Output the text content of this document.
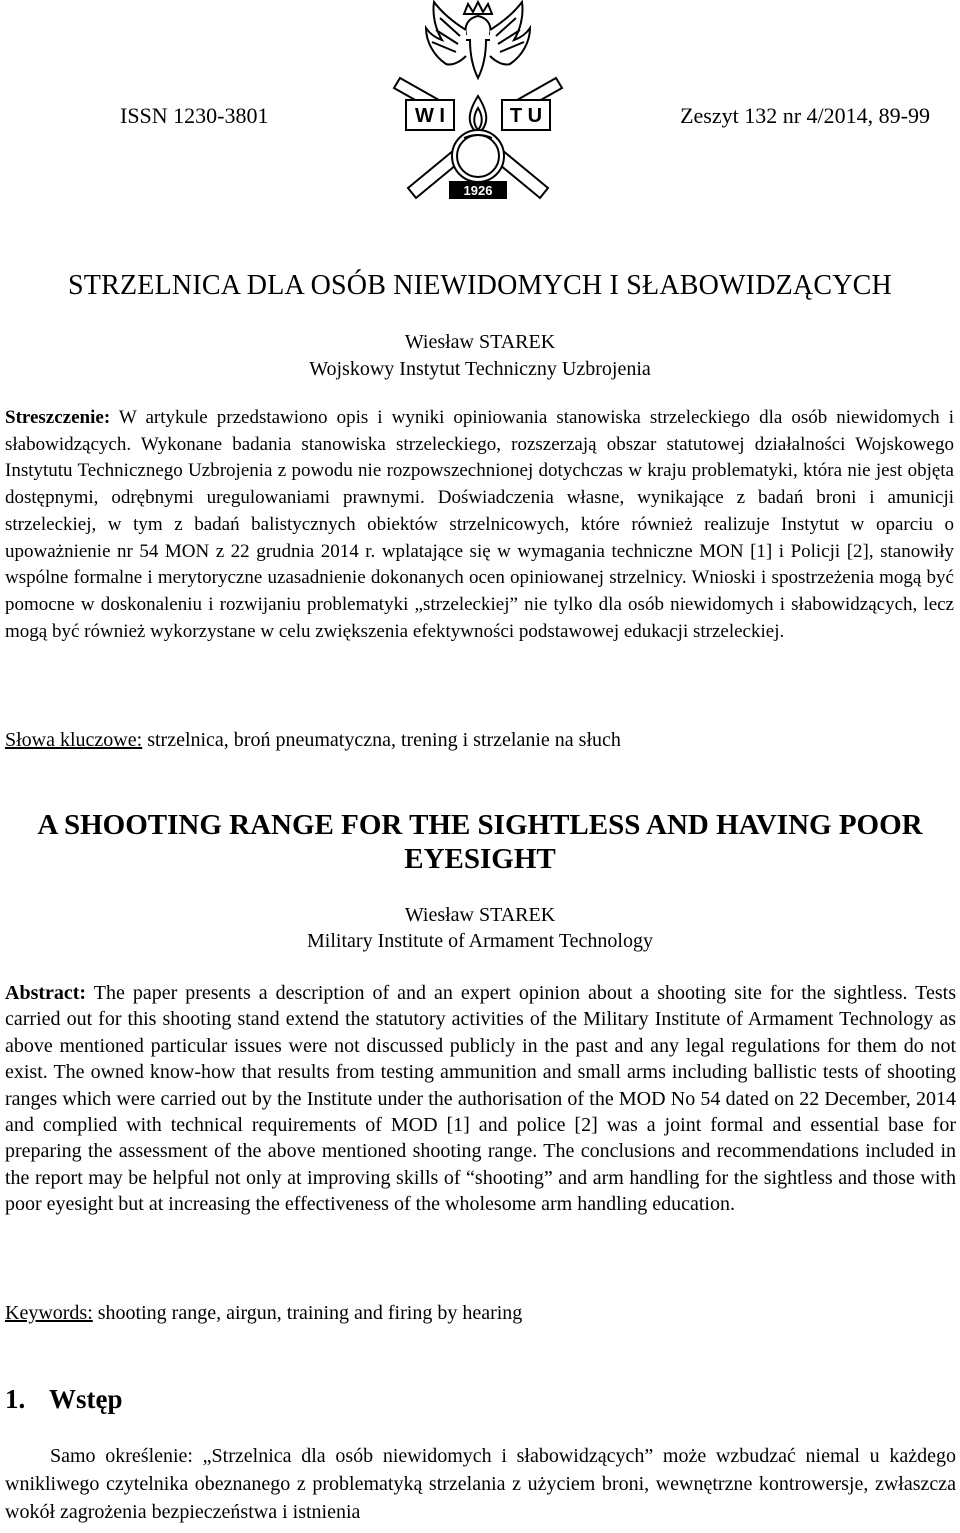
W I	T U
1926
ISSN 1230-3801	Zeszyt 132 nr 4/2014, 89-99
STRZELNICA DLA OSÓB NIEWIDOMYCH I SŁABOWIDZĄCYCH
Wiesław STAREK
Wojskowy Instytut Techniczny Uzbrojenia

Streszczenie: W artykule przedstawiono opis i wyniki opiniowania stanowiska strzeleckiego dla osób niewidomych i słabowidzących. Wykonane badania stanowiska strzeleckiego, rozszerzają obszar statutowej działalności Wojskowego Instytutu Technicznego Uzbrojenia z powodu nie rozpowszechnionej dotychczas w kraju problematyki, która nie jest objęta dostępnymi, odrębnymi uregulowaniami prawnymi. Doświadczenia własne, wynikające z badań broni i amunicji strzeleckiej, w tym z badań balistycznych obiektów strzelnicowych, które również realizuje Instytut w oparciu o upoważnienie nr 54 MON z 22 grudnia 2014 r. wplatające się w wymagania techniczne MON [1] i Policji [2], stanowiły wspólne formalne i merytoryczne uzasadnienie dokonanych ocen opiniowanej strzelnicy. Wnioski i spostrzeżenia mogą być pomocne w doskonaleniu i rozwijaniu problematyki „strzeleckiej” nie tylko dla osób niewidomych i słabowidzących, lecz mogą być również wykorzystane w celu zwiększenia efektywności podstawowej edukacji strzeleckiej.

Słowa kluczowe: strzelnica, broń pneumatyczna, trening i strzelanie na słuch

A SHOOTING RANGE FOR THE SIGHTLESS AND HAVING POOR EYESIGHT
Wiesław STAREK
Military Institute of Armament Technology

Abstract: The paper presents a description of and an expert opinion about a shooting site for the sightless. Tests carried out for this shooting stand extend the statutory activities of the Military Institute of Armament Technology as above mentioned particular issues were not discussed publicly in the past and any legal regulations for them do not exist. The owned know-how that results from testing ammunition and small arms including ballistic tests of shooting ranges which were carried out by the Institute under the authorisation of the MOD No 54 dated on 22 December, 2014 and complied with technical requirements of MOD [1] and police [2] was a joint formal and essential base for preparing the assessment of the above mentioned shooting range. The conclusions and recommendations included in the report may be helpful not only at improving skills of “shooting” and arm handling for the sightless and those with poor eyesight but at increasing the effectiveness of the wholesome arm handling education.

Keywords: shooting range, airgun, training and firing by hearing

1. Wstęp

Samo określenie: „Strzelnica dla osób niewidomych i słabowidzących” może wzbudzać niemal u każdego wnikliwego czytelnika obeznanego z problematyką strzelania z użyciem broni, wewnętrzne kontrowersje, zwłaszcza wokół zagrożenia bezpieczeństwa i istnienia
